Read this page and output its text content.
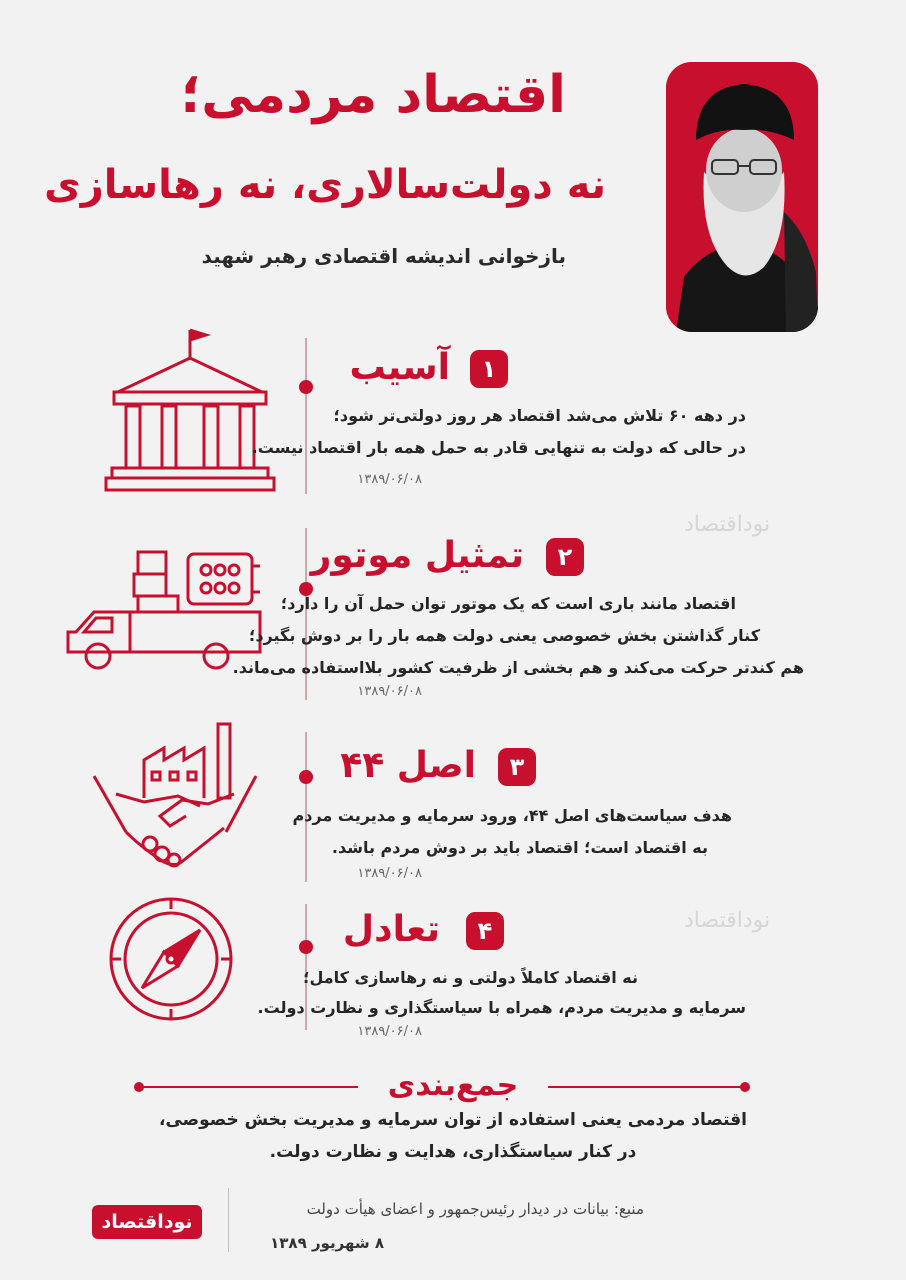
اقتصاد مردمی؛
نه دولت‌سالاری، نه رهاسازی
بازخوانی اندیشه اقتصادی رهبر شهید
۱
آسیب
در دهه ۶۰ تلاش می‌شد اقتصاد هر روز دولتی‌تر شود؛
در حالی که دولت به تنهایی قادر به حمل همه بار اقتصاد نیست.
۱۳۸۹/۰۶/۰۸
نوداقتصاد
۲
تمثیل موتور
اقتصاد مانند باری است که یک موتور توان حمل آن را دارد؛
کنار گذاشتن بخش خصوصی یعنی دولت همه بار را بر دوش بگیرد؛
هم کندتر حرکت می‌کند و هم بخشی از ظرفیت کشور بلااستفاده می‌ماند.
۱۳۸۹/۰۶/۰۸
۳
اصل ۴۴
هدف سیاست‌های اصل ۴۴، ورود سرمایه و مدیریت مردم
به اقتصاد است؛ اقتصاد باید بر دوش مردم باشد.
۱۳۸۹/۰۶/۰۸
نوداقتصاد
۴
تعادل
نه اقتصاد کاملاً دولتی و نه رهاسازی کامل؛
سرمایه و مدیریت مردم، همراه با سیاستگذاری و نظارت دولت.
۱۳۸۹/۰۶/۰۸
جمع‌بندی
اقتصاد مردمی یعنی استفاده از توان سرمایه و مدیریت بخش خصوصی،
در کنار سیاستگذاری، هدایت و نظارت دولت.
نوداقتصاد
منبع: بیانات در دیدار رئیس‌جمهور و اعضای هیأت دولت
۸ شهریور ۱۳۸۹
